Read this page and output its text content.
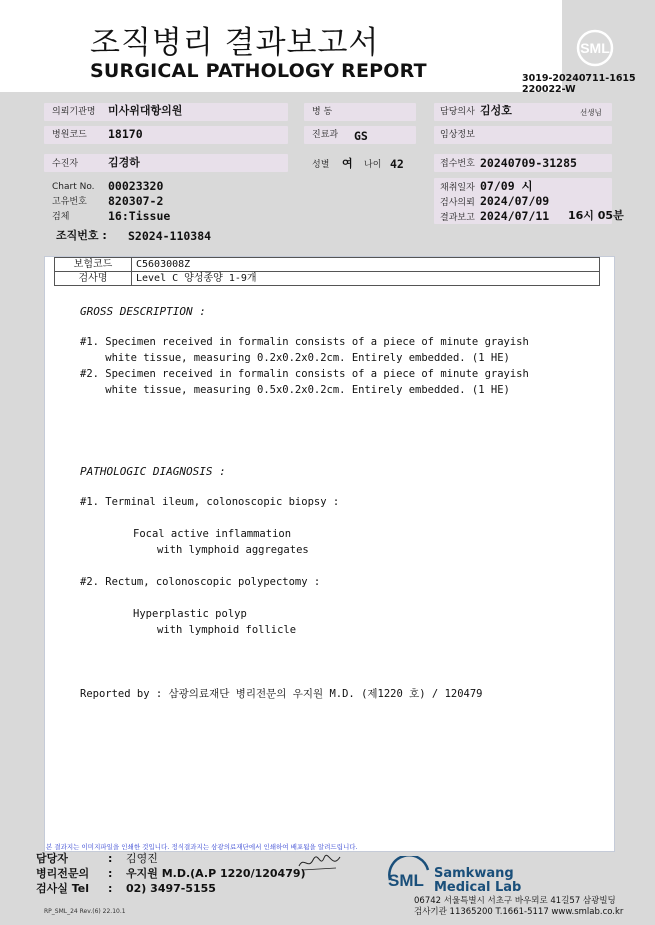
조직병리 결과보고서
SURGICAL PATHOLOGY REPORT
SML
3019-20240711-1615
220022-W
의뢰기관명 미사위대항의원	병 동	담당의사 김성호	선생님
병원코드 18170	진료과 GS	임상정보
수진자	김경하	성별 여 나이 42	접수번호 20240709-31285
Chart No. 00023320
고유번호 820307-2
검체	16:Tissue
채취일자 07/09 시
검사의뢰 2024/07/09
결과보고 2024/07/11 16시 05분
조직번호 : S2024-110384
보험코드	C5603008Z
검사명	Level C 양성종양 1-9개
GROSS DESCRIPTION :
#1. Specimen received in formalin consists of a piece of minute grayish
white tissue, measuring 0.2x0.2x0.2cm. Entirely embedded. (1 HE)
#2. Specimen received in formalin consists of a piece of minute grayish
white tissue, measuring 0.5x0.2x0.2cm. Entirely embedded. (1 HE)
PATHOLOGIC DIAGNOSIS :
#1. Terminal ileum, colonoscopic biopsy :
Focal active inflammation
with lymphoid aggregates
#2. Rectum, colonoscopic polypectomy :
Hyperplastic polyp
with lymphoid follicle
Reported by : 삼광의료재단 병리전문의 우지원 M.D. (제1220 호) / 120479
본 결과지는 이미지파일을 인쇄한 것입니다. 정식결과지는 삼광의료재단에서 인쇄하여 배포됨을 알려드립니다.
담당자	: 김영진
병리전문의 : 우지원 M.D.(A.P 1220/120479)
검사실 Tel : 02) 3497-5155
RP_SML_24 Rev.(6) 22.10.1
SML Samkwang
Medical Lab
06742 서울특별시 서초구 바우뫼로 41길57 삼광빌딩
검사기관 11365200 T.1661-5117 www.smlab.co.kr
